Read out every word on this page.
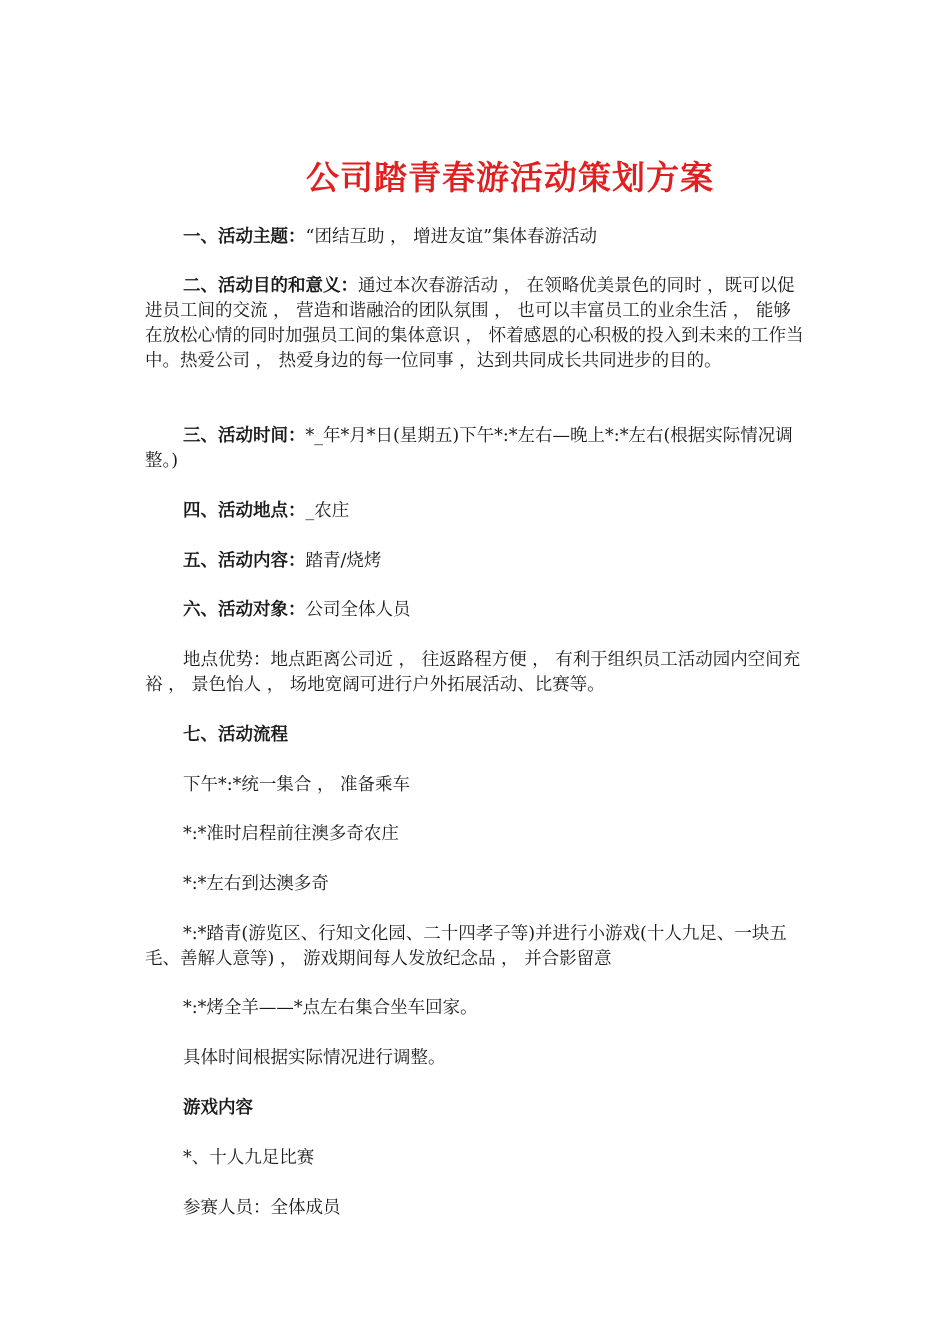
公司踏青春游活动策划方案
一、活动主题：“团结互助 ， 增进友谊”集体春游活动
二、活动目的和意义：通过本次春游活动 ， 在领略优美景色的同时 ，既可以促进员工间的交流 ， 营造和谐融洽的团队氛围 ， 也可以丰富员工的业余生活 ， 能够在放松心情的同时加强员工间的集体意识 ， 怀着感恩的心积极的投入到未来的工作当中。热爱公司 ， 热爱身边的每一位同事 ，达到共同成长共同进步的目的。
三、活动时间：*_年*月*日(星期五)下午*:*左右—晚上*:*左右(根据实际情况调整。)
四、活动地点：_农庄
五、活动内容：踏青/烧烤
六、活动对象：公司全体人员
地点优势：地点距离公司近 ， 往返路程方便 ， 有利于组织员工活动园内空间充裕 ， 景色怡人 ， 场地宽阔可进行户外拓展活动、比赛等。
七、活动流程
下午*:*统一集合 ， 准备乘车
*:*准时启程前往澳多奇农庄
*:*左右到达澳多奇
*:*踏青(游览区、行知文化园、二十四孝子等)并进行小游戏(十人九足、一块五毛、善解人意等) ， 游戏期间每人发放纪念品 ， 并合影留意
*:*烤全羊——*点左右集合坐车回家。
具体时间根据实际情况进行调整。
游戏内容
*、十人九足比赛
参赛人员：全体成员
